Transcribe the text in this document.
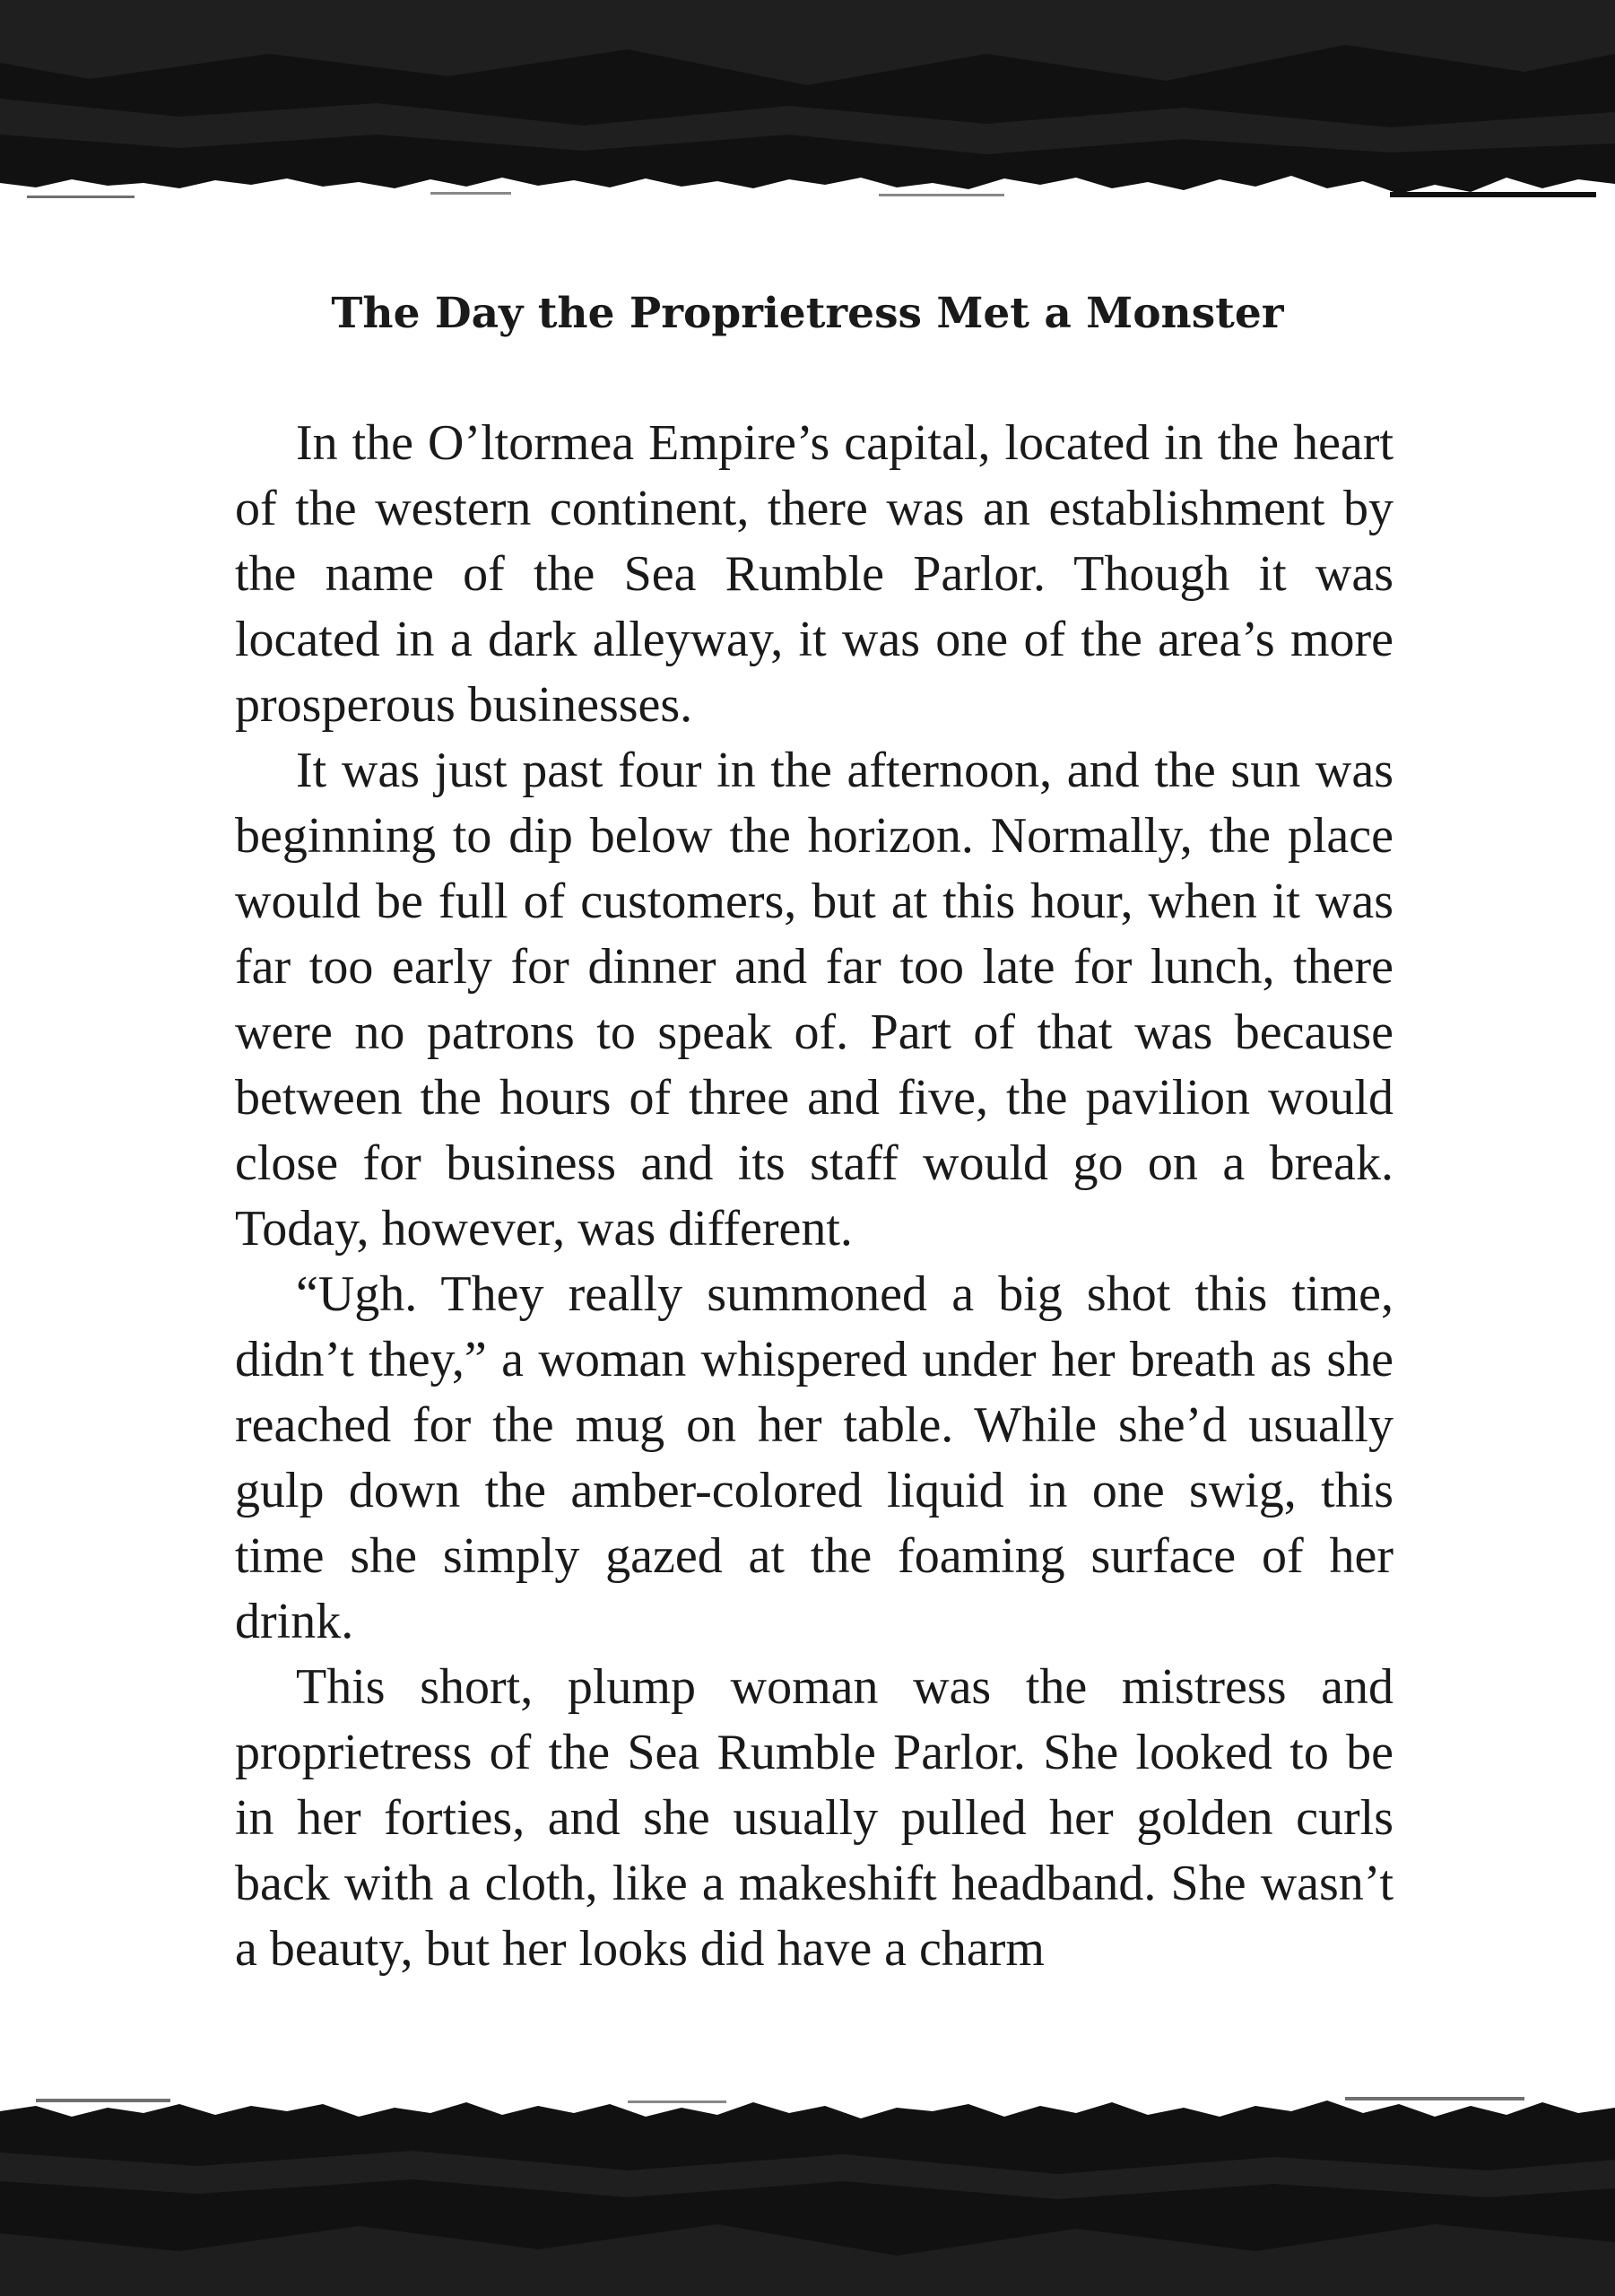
The Day the Proprietress Met a Monster

In the O’ltormea Empire’s capital, located in the heart of the western continent, there was an establishment by the name of the Sea Rumble Parlor. Though it was located in a dark alleyway, it was one of the area’s more prosperous businesses.

It was just past four in the afternoon, and the sun was beginning to dip below the horizon. Normally, the place would be full of customers, but at this hour, when it was far too early for dinner and far too late for lunch, there were no patrons to speak of. Part of that was because between the hours of three and five, the pavilion would close for business and its staff would go on a break. Today, however, was different.

“Ugh. They really summoned a big shot this time, didn’t they,” a woman whispered under her breath as she reached for the mug on her table. While she’d usually gulp down the amber-colored liquid in one swig, this time she simply gazed at the foaming surface of her drink.

This short, plump woman was the mistress and proprietress of the Sea Rumble Parlor. She looked to be in her forties, and she usually pulled her golden curls back with a cloth, like a makeshift headband. She wasn’t a beauty, but her looks did have a charm
